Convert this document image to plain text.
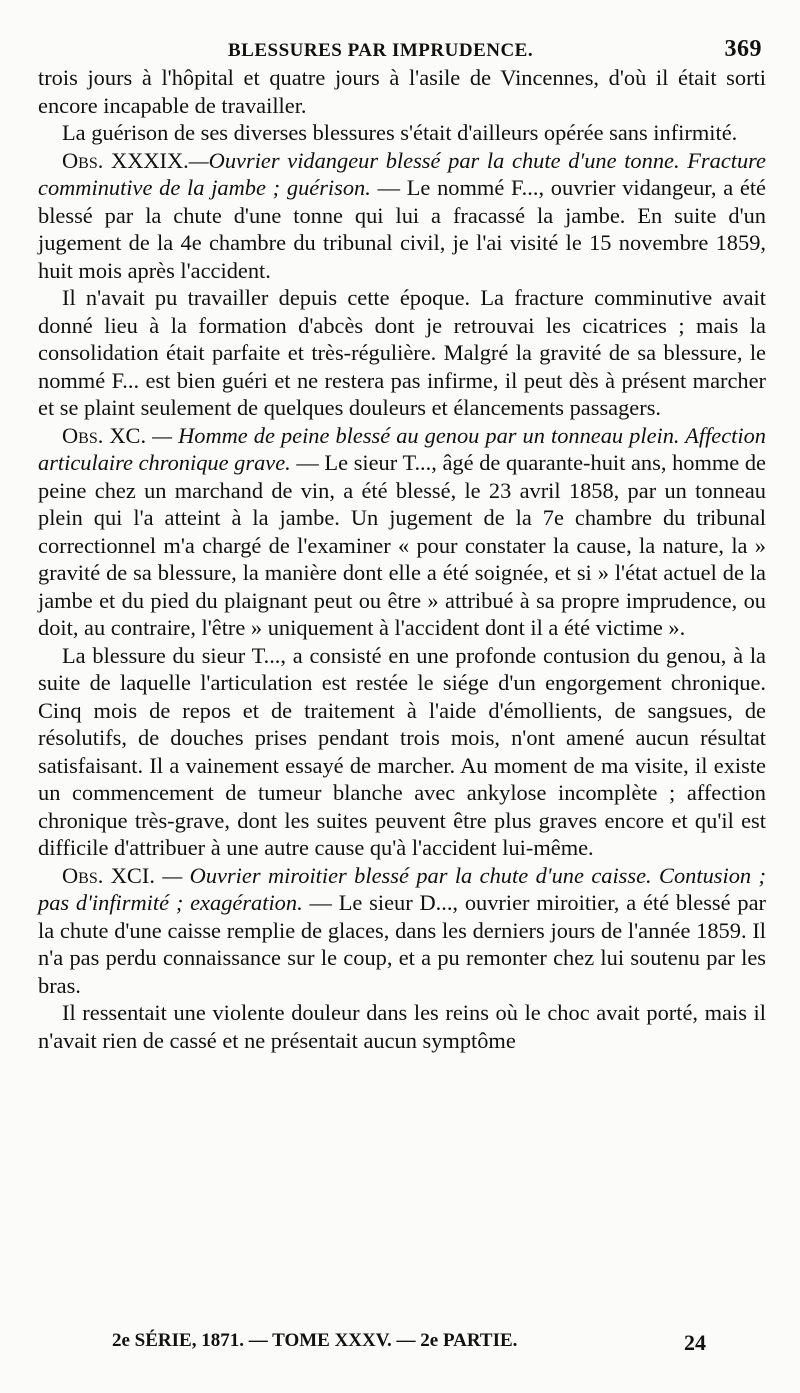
BLESSURES PAR IMPRUDENCE.	369

trois jours à l'hôpital et quatre jours à l'asile de Vincennes, d'où il était sorti encore incapable de travailler.

La guérison de ses diverses blessures s'était d'ailleurs opérée sans infirmité.

Obs. XXXIX.—Ouvrier vidangeur blessé par la chute d'une tonne. Fracture comminutive de la jambe ; guérison. — Le nommé F..., ouvrier vidangeur, a été blessé par la chute d'une tonne qui lui a fracassé la jambe. En suite d'un jugement de la 4e chambre du tribunal civil, je l'ai visité le 15 novembre 1859, huit mois après l'accident.

Il n'avait pu travailler depuis cette époque. La fracture comminutive avait donné lieu à la formation d'abcès dont je retrouvai les cicatrices ; mais la consolidation était parfaite et très-régulière. Malgré la gravité de sa blessure, le nommé F... est bien guéri et ne restera pas infirme, il peut dès à présent marcher et se plaint seulement de quelques douleurs et élancements passagers.

Obs. XC. — Homme de peine blessé au genou par un tonneau plein. Affection articulaire chronique grave. — Le sieur T..., âgé de quarante-huit ans, homme de peine chez un marchand de vin, a été blessé, le 23 avril 1858, par un tonneau plein qui l'a atteint à la jambe. Un jugement de la 7e chambre du tribunal correctionnel m'a chargé de l'examiner « pour constater la cause, la nature, la » gravité de sa blessure, la manière dont elle a été soignée, et si » l'état actuel de la jambe et du pied du plaignant peut ou être » attribué à sa propre imprudence, ou doit, au contraire, l'être » uniquement à l'accident dont il a été victime ».

La blessure du sieur T..., a consisté en une profonde contusion du genou, à la suite de laquelle l'articulation est restée le siége d'un engorgement chronique. Cinq mois de repos et de traitement à l'aide d'émollients, de sangsues, de résolutifs, de douches prises pendant trois mois, n'ont amené aucun résultat satisfaisant. Il a vainement essayé de marcher. Au moment de ma visite, il existe un commencement de tumeur blanche avec ankylose incomplète ; affection chronique très-grave, dont les suites peuvent être plus graves encore et qu'il est difficile d'attribuer à une autre cause qu'à l'accident lui-même.

Obs. XCI. — Ouvrier miroitier blessé par la chute d'une caisse. Contusion ; pas d'infirmité ; exagération. — Le sieur D..., ouvrier miroitier, a été blessé par la chute d'une caisse remplie de glaces, dans les derniers jours de l'année 1859. Il n'a pas perdu connaissance sur le coup, et a pu remonter chez lui soutenu par les bras.

Il ressentait une violente douleur dans les reins où le choc avait porté, mais il n'avait rien de cassé et ne présentait aucun symptôme

2e SÉRIE, 1871. — TOME XXXV. — 2e PARTIE.	24
